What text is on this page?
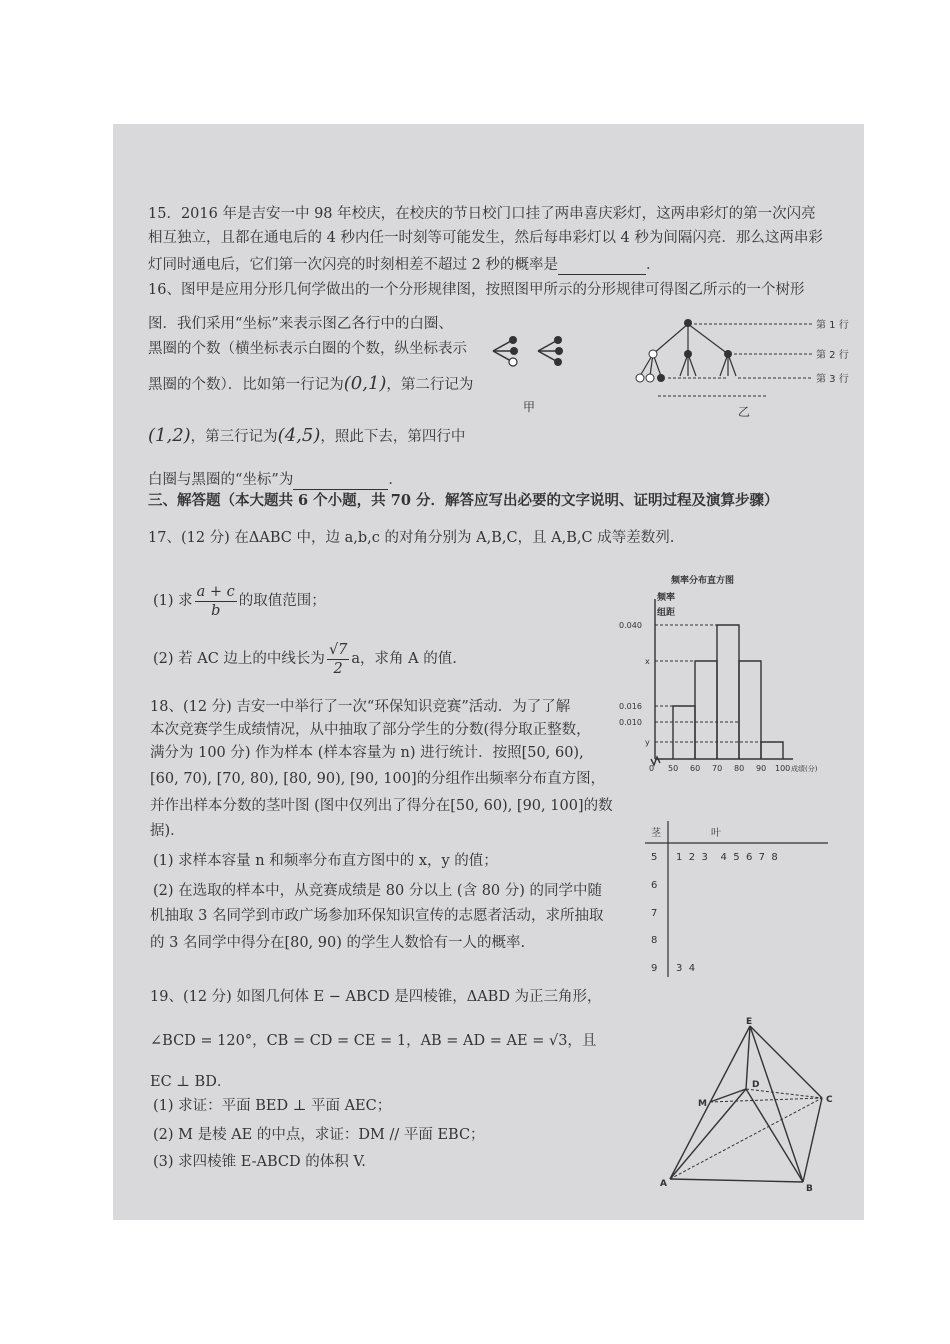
15．2016 年是吉安一中 98 年校庆，在校庆的节日校门口挂了两串喜庆彩灯，这两串彩灯的第一次闪亮
相互独立，且都在通电后的 4 秒内任一时刻等可能发生，然后每串彩灯以 4 秒为间隔闪亮．那么这两串彩
灯同时通电后，它们第一次闪亮的时刻相差不超过 2 秒的概率是	．
16、图甲是应用分形几何学做出的一个分形规律图，按照图甲所示的分形规律可得图乙所示的一个树形
图．我们采用“坐标”来表示图乙各行中的白圈、
黑圈的个数（横坐标表示白圈的个数，纵坐标表示
黑圈的个数）．比如第一行记为(0,1)，第二行记为
(1,2)，第三行记为(4,5)，照此下去，第四行中
白圈与黑圈的“坐标”为	．
甲
第 1 行
第 2 行
第 3 行
乙
三、解答题（本大题共 6 个小题，共 70 分．解答应写出必要的文字说明、证明过程及演算步骤）
17、(12 分) 在ΔABC 中，边 a,b,c 的对角分别为 A,B,C，且 A,B,C 成等差数列.
(1) 求 $\frac{a + c}{b}$ 的取值范围；
(2) 若 AC 边上的中线长为 $\frac{√7}{2}$ a，求角 A 的值.
18、(12 分) 吉安一中举行了一次“环保知识竞赛”活动．为了了解
本次竞赛学生成绩情况，从中抽取了部分学生的分数(得分取正整数，
满分为 100 分) 作为样本 (样本容量为 n) 进行统计．按照[50, 60),
[60, 70), [70, 80), [80, 90), [90, 100]的分组作出频率分布直方图，
并作出样本分数的茎叶图 (图中仅列出了得分在[50, 60), [90, 100]的数
据)．
(1) 求样本容量 n 和频率分布直方图中的 x，y 的值；
(2) 在选取的样本中，从竞赛成绩是 80 分以上 (含 80 分) 的同学中随
机抽取 3 名同学到市政广场参加环保知识宣传的志愿者活动，求所抽取
的 3 名同学中得分在[80, 90) 的学生人数恰有一人的概率.
频率分布直方图
频率
组距
0.040
x
0.016
0.010
y
0 50 60 70 80 90 100 成绩(分)
茎	叶
5 1  2  3    4  5  6  7  8
6
7
8
9 3  4
19、(12 分) 如图几何体 E − ABCD 是四棱锥，ΔABD 为正三角形，
∠BCD = 120°，CB = CD = CE = 1，AB = AD = AE = √3，且
EC ⊥ BD．
(1) 求证：平面 BED ⊥ 平面 AEC；
(2) M 是棱 AE 的中点，求证：DM // 平面 EBC；
(3) 求四棱锥 E-ABCD 的体积 V.
E
D
C
M
A	B
